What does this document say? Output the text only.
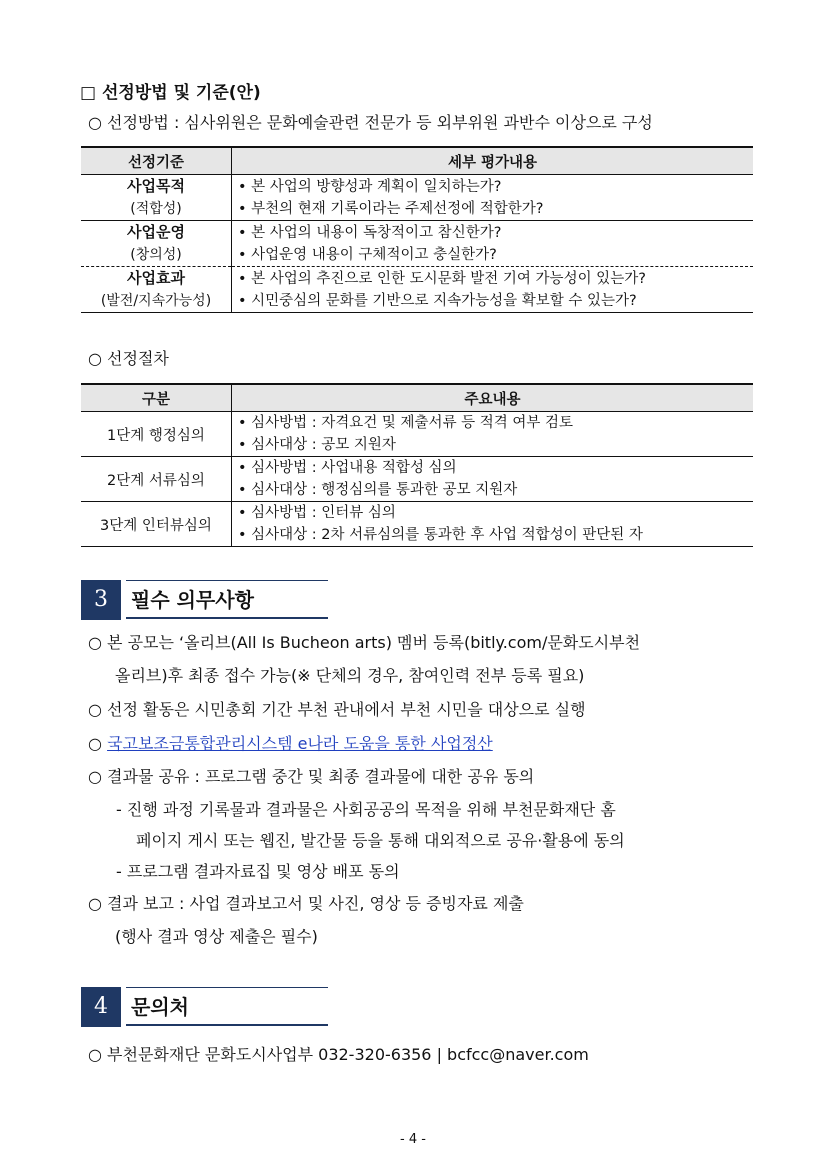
□ 선정방법 및 기준(안)
○ 선정방법 : 심사위원은 문화예술관련 전문가 등 외부위원 과반수 이상으로 구성
선정기준	세부 평가내용

사업목적
(적합성)	• 본 사업의 방향성과 계획이 일치하는가?
• 부천의 현재 기록이라는 주제선정에 적합한가?

사업운영
(창의성)	• 본 사업의 내용이 독창적이고 참신한가?
• 사업운영 내용이 구체적이고 충실한가?

사업효과
(발전/지속가능성)	• 본 사업의 추진으로 인한 도시문화 발전 기여 가능성이 있는가?
• 시민중심의 문화를 기반으로 지속가능성을 확보할 수 있는가?
○ 선정절차
구분	주요내용
1단계 행정심의	• 심사방법 : 자격요건 및 제출서류 등 적격 여부 검토
• 심사대상 : 공모 지원자

2단계 서류심의	• 심사방법 : 사업내용 적합성 심의
• 심사대상 : 행정심의를 통과한 공모 지원자

3단계 인터뷰심의	• 심사방법 : 인터뷰 심의
• 심사대상 : 2차 서류심의를 통과한 후 사업 적합성이 판단된 자
3	필수 의무사항
○ 본 공모는 ‘올리브(All Is Bucheon arts) 멤버 등록(bitly.com/문화도시부천
올리브)후 최종 접수 가능(※ 단체의 경우, 참여인력 전부 등록 필요)
○ 선정 활동은 시민총회 기간 부천 관내에서 부천 시민을 대상으로 실행
○ 국고보조금통합관리시스템 e나라 도움을 통한 사업정산
○ 결과물 공유 : 프로그램 중간 및 최종 결과물에 대한 공유 동의
- 진행 과정 기록물과 결과물은 사회공공의 목적을 위해 부천문화재단 홈
페이지 게시 또는 웹진, 발간물 등을 통해 대외적으로 공유·활용에 동의
- 프로그램 결과자료집 및 영상 배포 동의
○ 결과 보고 : 사업 결과보고서 및 사진, 영상 등 증빙자료 제출
(행사 결과 영상 제출은 필수)
4	문의처
○ 부천문화재단 문화도시사업부 032-320-6356 | bcfcc@naver.com
- 4 -
